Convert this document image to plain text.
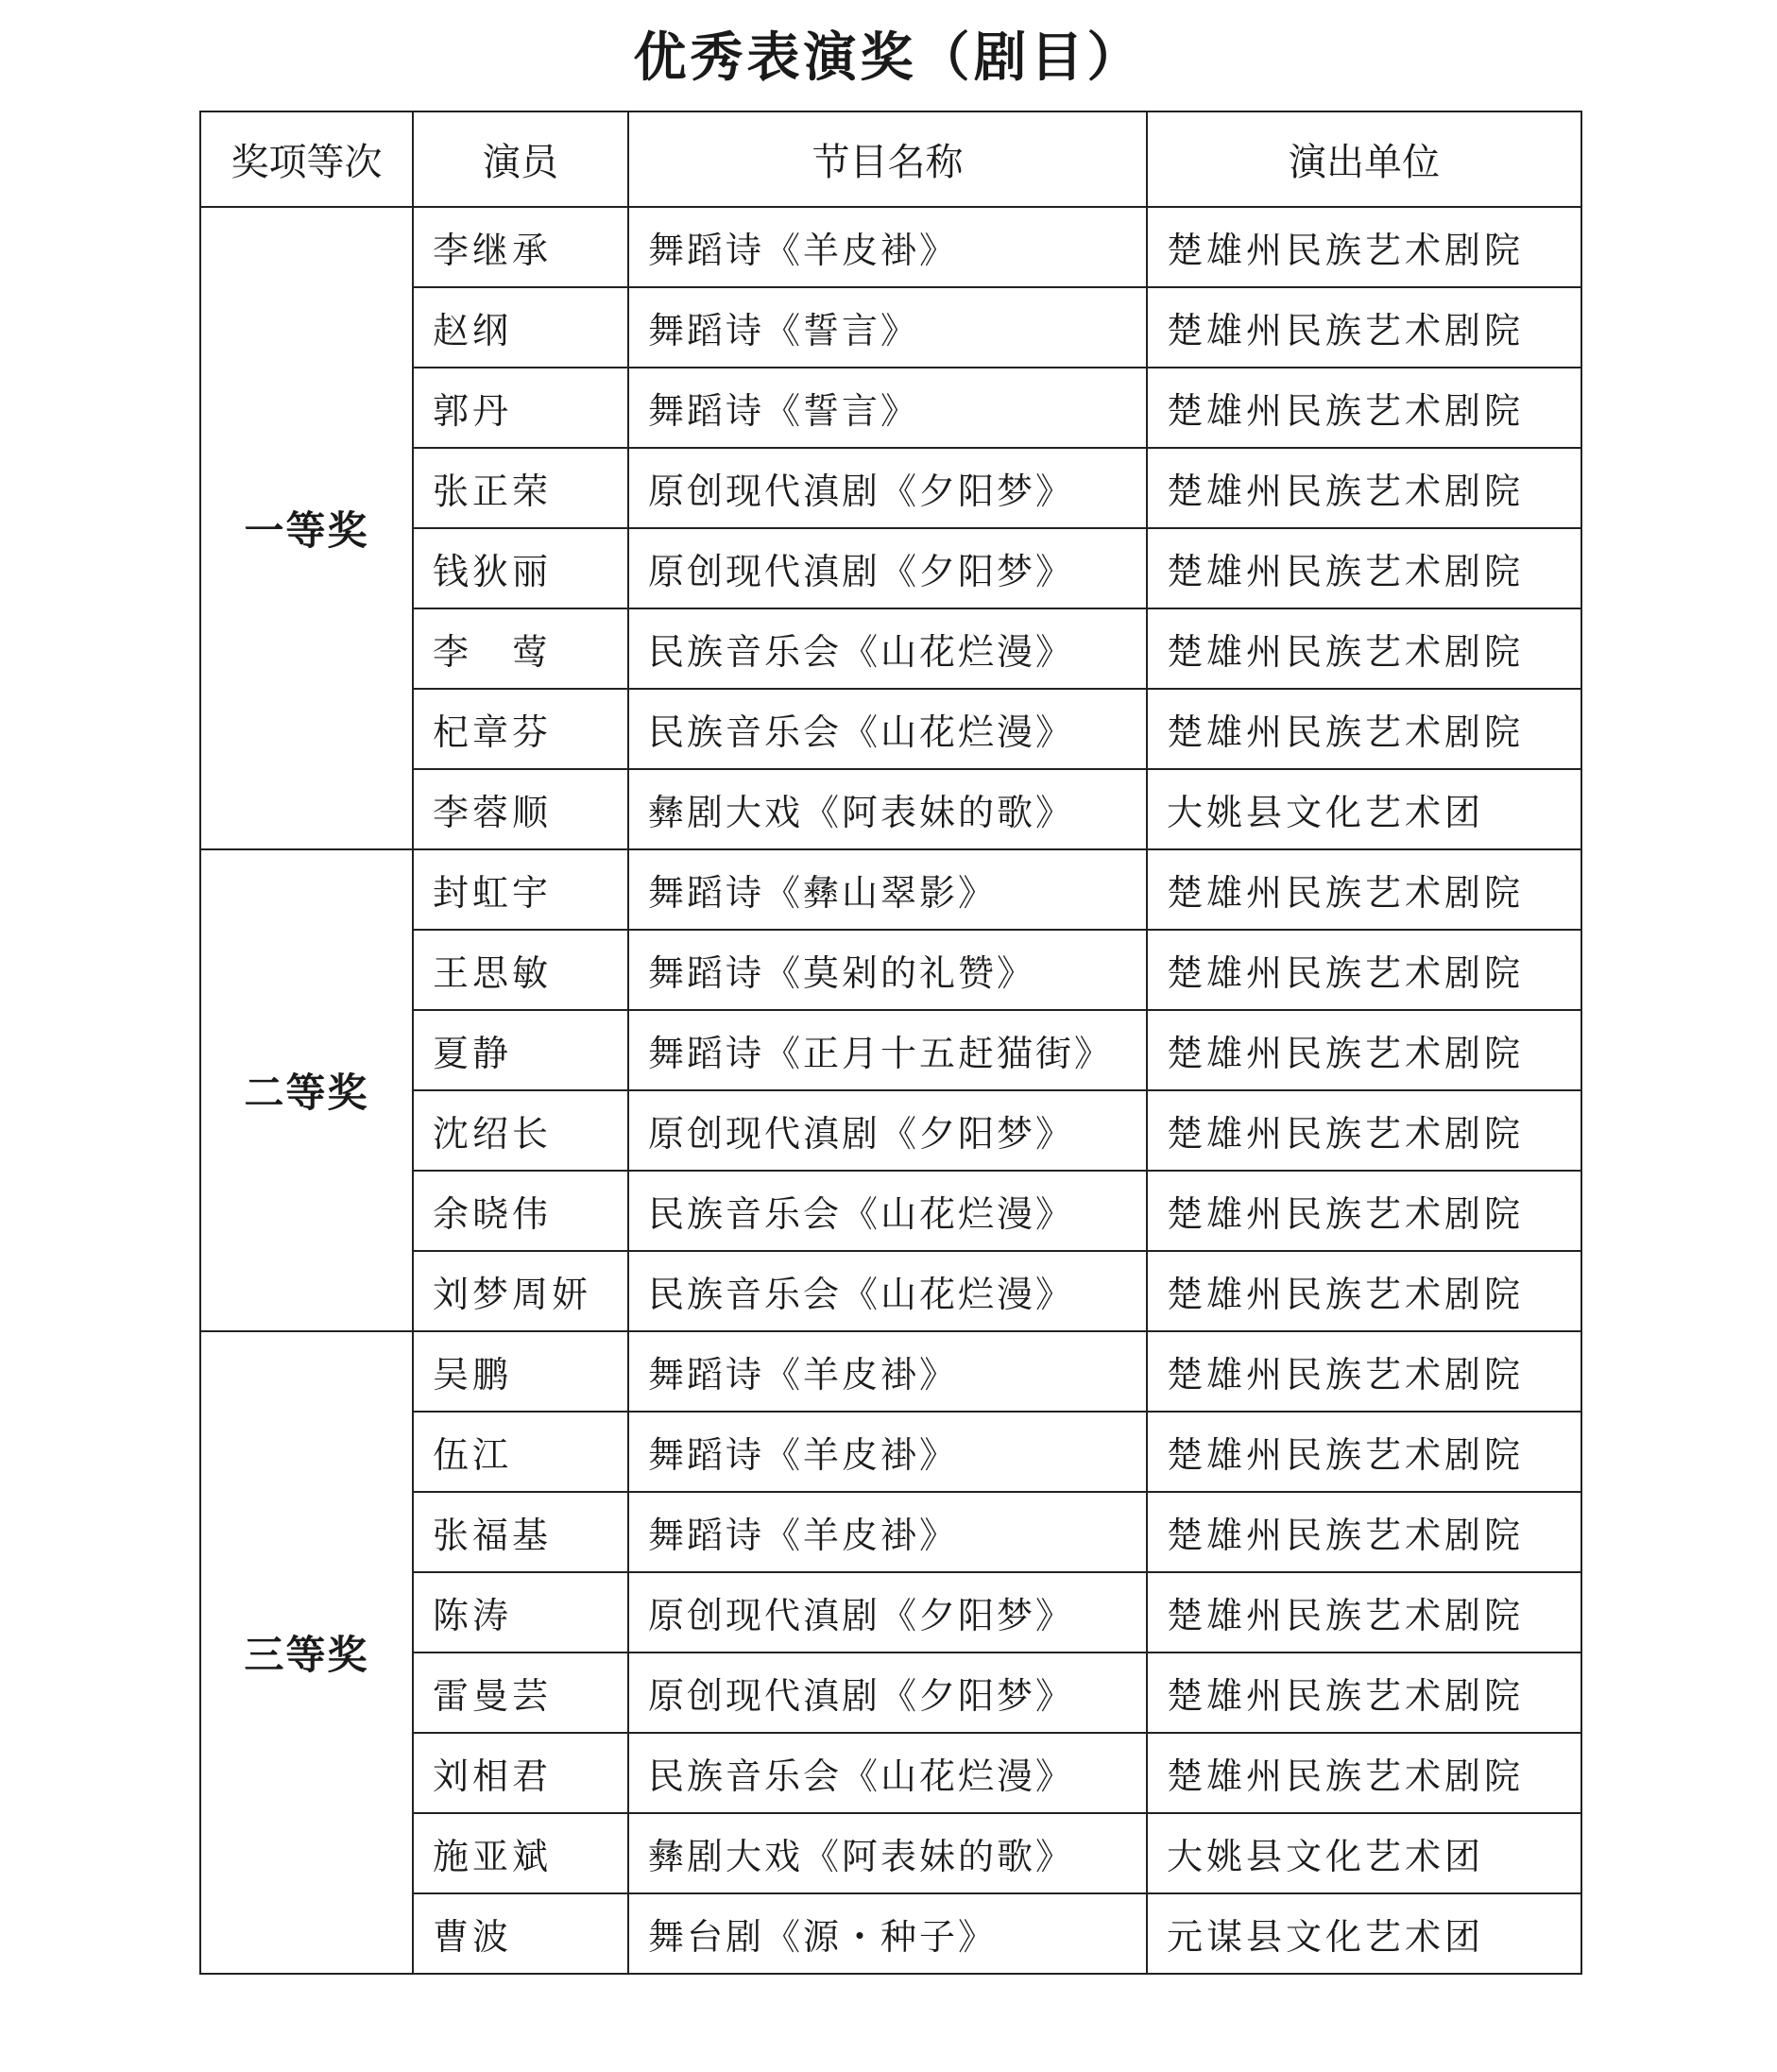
优秀表演奖（剧目）
奖项等次	演员	节目名称	演出单位
一等奖	李继承	舞蹈诗《羊皮褂》	楚雄州民族艺术剧院
	赵纲	舞蹈诗《誓言》	楚雄州民族艺术剧院
	郭丹	舞蹈诗《誓言》	楚雄州民族艺术剧院
	张正荣	原创现代滇剧《夕阳梦》	楚雄州民族艺术剧院
	钱狄丽	原创现代滇剧《夕阳梦》	楚雄州民族艺术剧院
	李　莺	民族音乐会《山花烂漫》	楚雄州民族艺术剧院
	杞章芬	民族音乐会《山花烂漫》	楚雄州民族艺术剧院
	李蓉顺	彝剧大戏《阿表妹的歌》	大姚县文化艺术团
二等奖	封虹宇	舞蹈诗《彝山翠影》	楚雄州民族艺术剧院
	王思敏	舞蹈诗《莫剁的礼赞》	楚雄州民族艺术剧院
	夏静	舞蹈诗《正月十五赶猫街》	楚雄州民族艺术剧院
	沈绍长	原创现代滇剧《夕阳梦》	楚雄州民族艺术剧院
	余晓伟	民族音乐会《山花烂漫》	楚雄州民族艺术剧院
	刘梦周妍	民族音乐会《山花烂漫》	楚雄州民族艺术剧院
三等奖	吴鹏	舞蹈诗《羊皮褂》	楚雄州民族艺术剧院
	伍江	舞蹈诗《羊皮褂》	楚雄州民族艺术剧院
	张福基	舞蹈诗《羊皮褂》	楚雄州民族艺术剧院
	陈涛	原创现代滇剧《夕阳梦》	楚雄州民族艺术剧院
	雷曼芸	原创现代滇剧《夕阳梦》	楚雄州民族艺术剧院
	刘相君	民族音乐会《山花烂漫》	楚雄州民族艺术剧院
	施亚斌	彝剧大戏《阿表妹的歌》	大姚县文化艺术团
	曹波	舞台剧《源・种子》	元谋县文化艺术团
